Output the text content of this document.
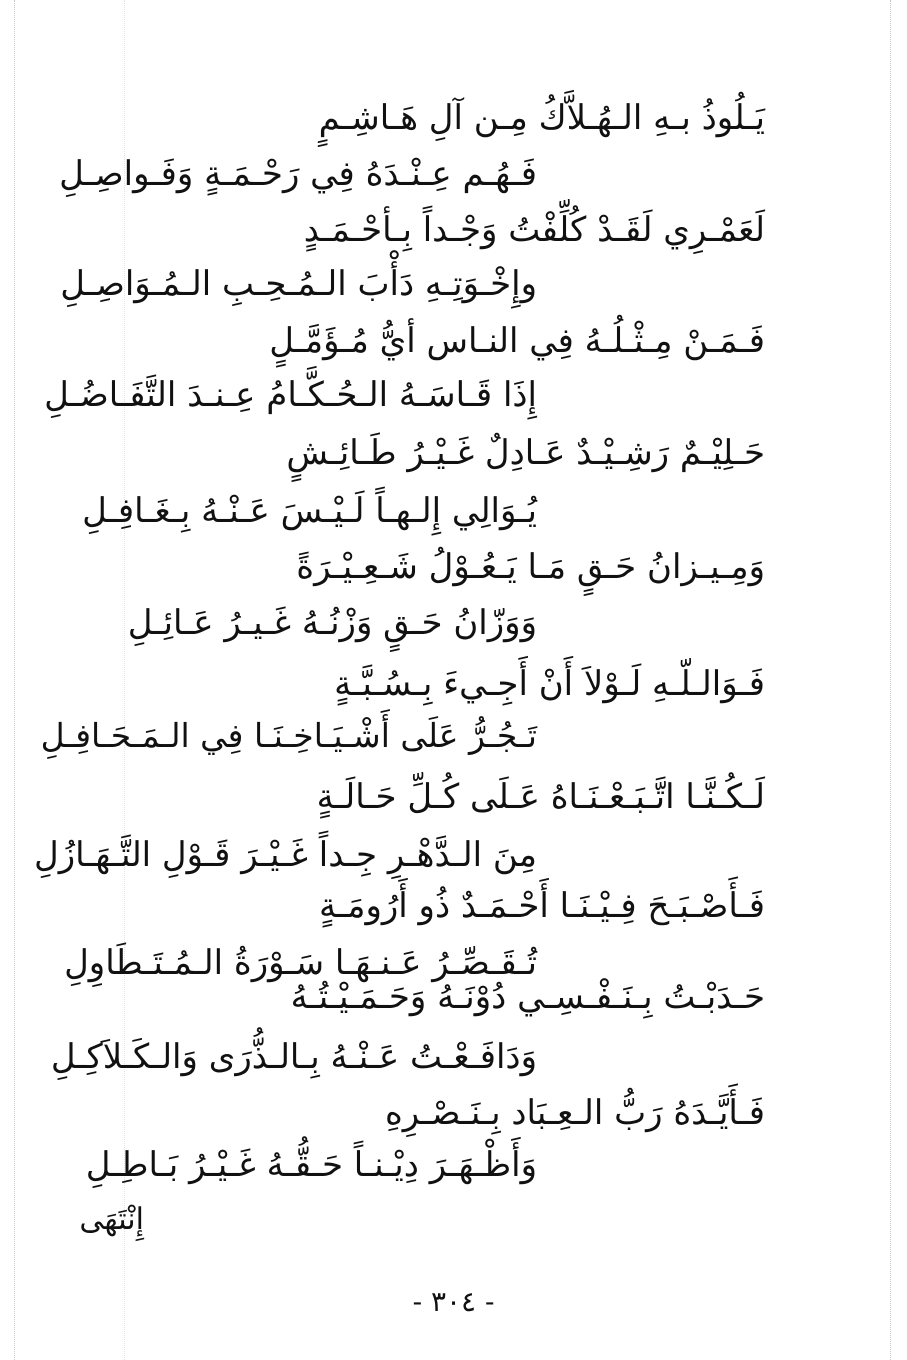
يَـلُوذُ بـهِ الـهُـلاَّكُ مِـن آلِ هَـاشِـمٍ
فَـهُـم عِـنْـدَهُ فِي رَحْـمَـةٍ وَفَـواصِـلِ
لَعَمْـرِي لَقَـدْ كُلِّفْتُ وَجْـداً بِـأحْـمَـدٍ
وإِخْـوَتِـهِ دَأْبَ الـمُـحِـبِ الـمُـوَاصِـلِ
فَـمَـنْ مِـثْـلُـهُ فِي النـاس أيُّ مُـؤَمَّـلٍ
إِذَا قَـاسَـهُ الـحُـكَّـامُ عِـنـدَ التَّفَـاضُـلِ
حَـلِيْـمٌ رَشِـيْـدٌ عَـادِلٌ غَـيْـرُ طَـائِـشٍ
يُـوَالِي إِلـهـاً لَـيْـسَ عَـنْـهُ بِـغَـافِـلِ
وَمِـيـزانُ حَـقٍ مَـا يَـعُـوْلُ شَـعِـيْـرَةً
وَوَزّانُ حَـقٍ وَزْنُـهُ غَـيـرُ عَـائِـلِ
فَـوَالـلّـهِ لَـوْلاَ أَنْ أَجِـيءَ بِـسُـبَّـةٍ
تَـجُـرُّ عَلَى أَشْـيَـاخِـنَـا فِي الـمَـحَـافِـلِ
لَـكُـنَّـا اتَّـبَـعْـنَـاهُ عَـلَى كُـلِّ حَـالَـةٍ
مِنَ الـدَّهْـرِ جِـداً غَـيْـرَ قَـوْلِ التَّـهَـازُلِ
فَـأَصْـبَـحَ فِـيْـنَـا أَحْـمَـدٌ ذُو أَرُومَـةٍ
تُـقَـصِّـرُ عَـنـهَـا سَـوْرَةُ الـمُـتَـطَاوِلِ
حَـدَبْـتُ بِـنَـفْـسِـي دُوْنَـهُ وَحَـمَـيْـتُـهُ
وَدَافَـعْـتُ عَـنْـهُ بِـالـذُّرَى وَالـكَـلاَكِـلِ
فَـأَيَّـدَهُ رَبُّ الـعِـبَاد بِـنَـصْـرِهِ
وَأَظْـهَـرَ دِيْـنـاً حَـقُّـهُ غَـيْـرُ بَـاطِـلِ
إِنْتَهَى
- ٣٠٤ -
